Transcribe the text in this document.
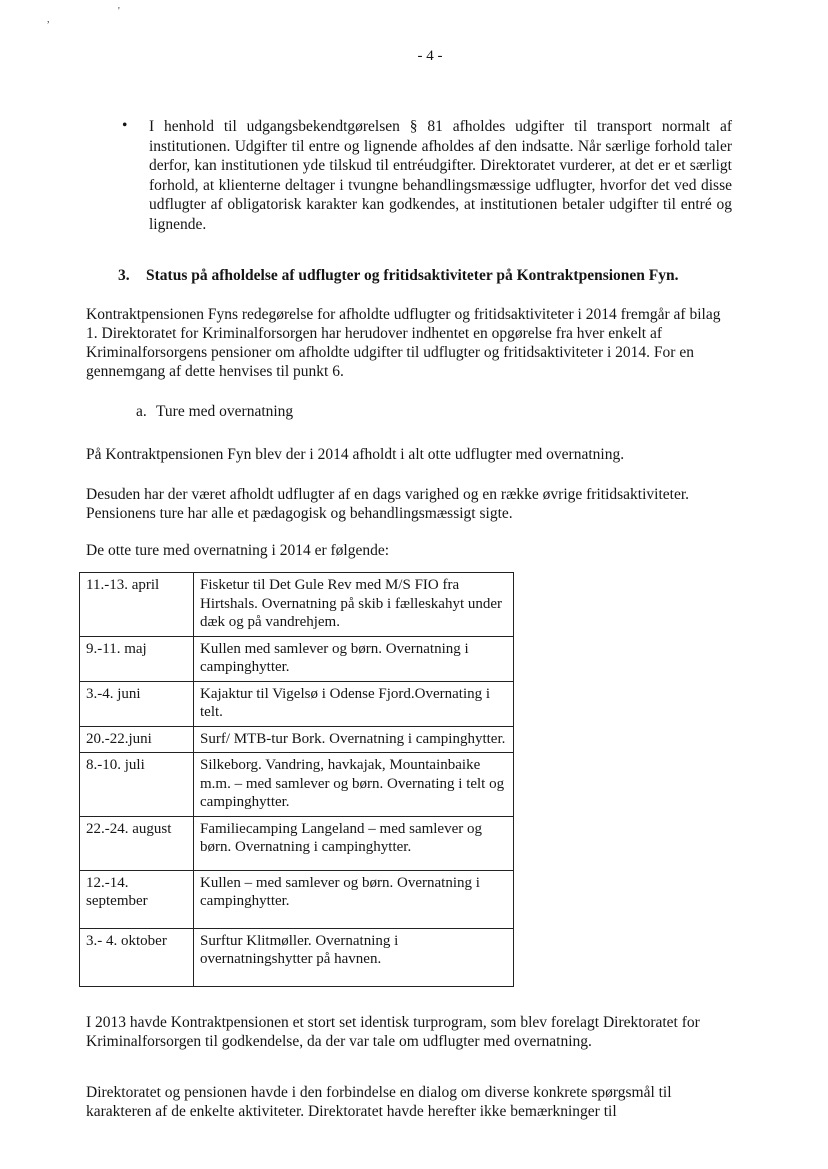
,
'
- 4 -
• I henhold til udgangsbekendtgørelsen § 81 afholdes udgifter til transport normalt af institutionen. Udgifter til entre og lignende afholdes af den indsatte. Når særlige forhold taler derfor, kan institutionen yde tilskud til entréudgifter. Direktoratet vurderer, at det er et særligt forhold, at klienterne deltager i tvungne behandlingsmæssige udflugter, hvorfor det ved disse udflugter af obligatorisk karakter kan godkendes, at institutionen betaler udgifter til entré og lignende.
3. Status på afholdelse af udflugter og fritidsaktiviteter på Kontraktpensionen Fyn.
Kontraktpensionen Fyns redegørelse for afholdte udflugter og fritidsaktiviteter i 2014 fremgår af bilag 1. Direktoratet for Kriminalforsorgen har herudover indhentet en opgørelse fra hver enkelt af Kriminalforsorgens pensioner om afholdte udgifter til udflugter og fritidsaktiviteter i 2014. For en gennemgang af dette henvises til punkt 6.
a. Ture med overnatning
På Kontraktpensionen Fyn blev der i 2014 afholdt i alt otte udflugter med overnatning.
Desuden har der været afholdt udflugter af en dags varighed og en række øvrige fritidsaktiviteter. Pensionens ture har alle et pædagogisk og behandlingsmæssigt sigte.
De otte ture med overnatning i 2014 er følgende:
11.-13. april	Fisketur til Det Gule Rev med M/S FIO fra Hirtshals. Overnatning på skib i fælleskahyt under dæk og på vandrehjem.
9.-11. maj	Kullen med samlever og børn. Overnatning i campinghytter.
3.-4. juni	Kajaktur til Vigelsø i Odense Fjord.Overnating i telt.
20.-22.juni	Surf/ MTB-tur Bork. Overnatning i campinghytter.
8.-10. juli	Silkeborg. Vandring, havkajak, Mountainbaike m.m. – med samlever og børn. Overnating i telt og campinghytter.
22.-24. august	Familiecamping Langeland – med samlever og børn. Overnatning i campinghytter.
12.-14. september	Kullen – med samlever og børn. Overnatning i campinghytter.
3.- 4. oktober	Surftur Klitmøller. Overnatning i overnatningshytter på havnen.
I 2013 havde Kontraktpensionen et stort set identisk turprogram, som blev forelagt Direktoratet for Kriminalforsorgen til godkendelse, da der var tale om udflugter med overnatning.
Direktoratet og pensionen havde i den forbindelse en dialog om diverse konkrete spørgsmål til karakteren af de enkelte aktiviteter. Direktoratet havde herefter ikke bemærkninger til
